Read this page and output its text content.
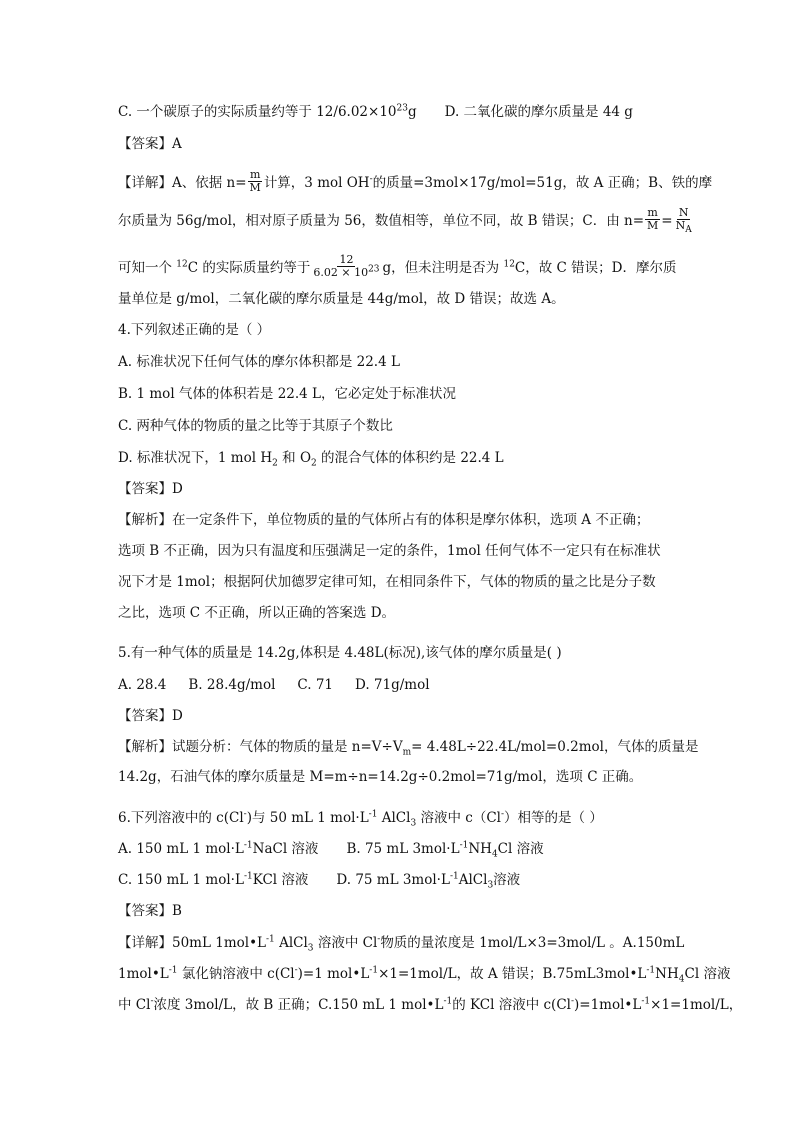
C. 一个碳原子的实际质量约等于 $12/6.02\times 10^{23}g$ D. 二氧化碳的摩尔质量是 44 g
【答案】A
【详解】A、依据 $n= \frac{m}{M}$ 计算，3 mol OH-的质量=3mol×17g/mol=51g，故 A 正确；B、铁的摩
尔质量为 56g/mol，相对原子质量为 56，数值相等，单位不同，故 B 错误；C．由 $n= \frac{m}{M} = \frac{N}{N_A}$
可知一个 $^{12}$C 的实际质量约等于 $\frac{12}{6.02 \times 10^{23}}$ g，但未注明是否为 $^{12}$C，故 C 错误；D．摩尔质
量单位是 g/mol，二氧化碳的摩尔质量是 44g/mol，故 D 错误；故选 A。
4.下列叙述正确的是（ ）
A. 标准状况下任何气体的摩尔体积都是 22.4 L
B. 1 mol 气体的体积若是 22.4 L，它必定处于标准状况
C. 两种气体的物质的量之比等于其原子个数比
D. 标准状况下，1 mol $H_2$ 和 $O_2$ 的混合气体的体积约是 22.4 L
【答案】D
【解析】在一定条件下，单位物质的量的气体所占有的体积是摩尔体积，选项 A 不正确；
选项 B 不正确，因为只有温度和压强满足一定的条件，1mol 任何气体不一定只有在标准状
况下才是 1mol；根据阿伏加德罗定律可知，在相同条件下，气体的物质的量之比是分子数
之比，选项 C 不正确，所以正确的答案选 D。
5.有一种气体的质量是 14.2g,体积是 4.48L(标况),该气体的摩尔质量是( )
A. 28.4 B. 28.4g/mol C. 71 D. 71g/mol
【答案】D
【解析】试题分析：气体的物质的量是 $n=V\div V_m= 4.48L\div 22.4L/mol=0.2mol$，气体的质量是
14.2g，石油气体的摩尔质量是 M=m÷n=14.2g÷0.2mol=71g/mol，选项 C 正确。
6.下列溶液中的 c(Cl-)与 50 mL 1 $mol\cdot L^{-1}$ AlCl$_3$ 溶液中 c（Cl-）相等的是（ ）
A. 150 mL 1 $mol\cdot L^{-1}NaCl$ 溶液 B. 75 mL $3mol\cdot L^{-1}NH_4Cl$ 溶液
C. 150 mL 1 $mol\cdot L^{-1}KCl$ 溶液 D. 75 mL $3mol\cdot L^{-1}AlCl_3$溶液
【答案】B
【详解】50mL $1mol•L^{-1}$ AlCl$_3$ 溶液中 Cl-物质的量浓度是 1mol/L×3=3mol/L 。A.150mL
$1mol•L^{-1}$ 氯化钠溶液中 c(Cl-)=1 $mol•L^{-1}\times 1=1mol/L$，故 A 错误；$B.75mL3mol•L^{-1}NH_4Cl$ 溶液
中 Cl-浓度 3mol/L，故 B 正确；C.150 mL 1 $mol•L^{-1}$的 KCl 溶液中 $c(Cl^-)=1mol•L^{-1}\times 1=1mol/L$，
